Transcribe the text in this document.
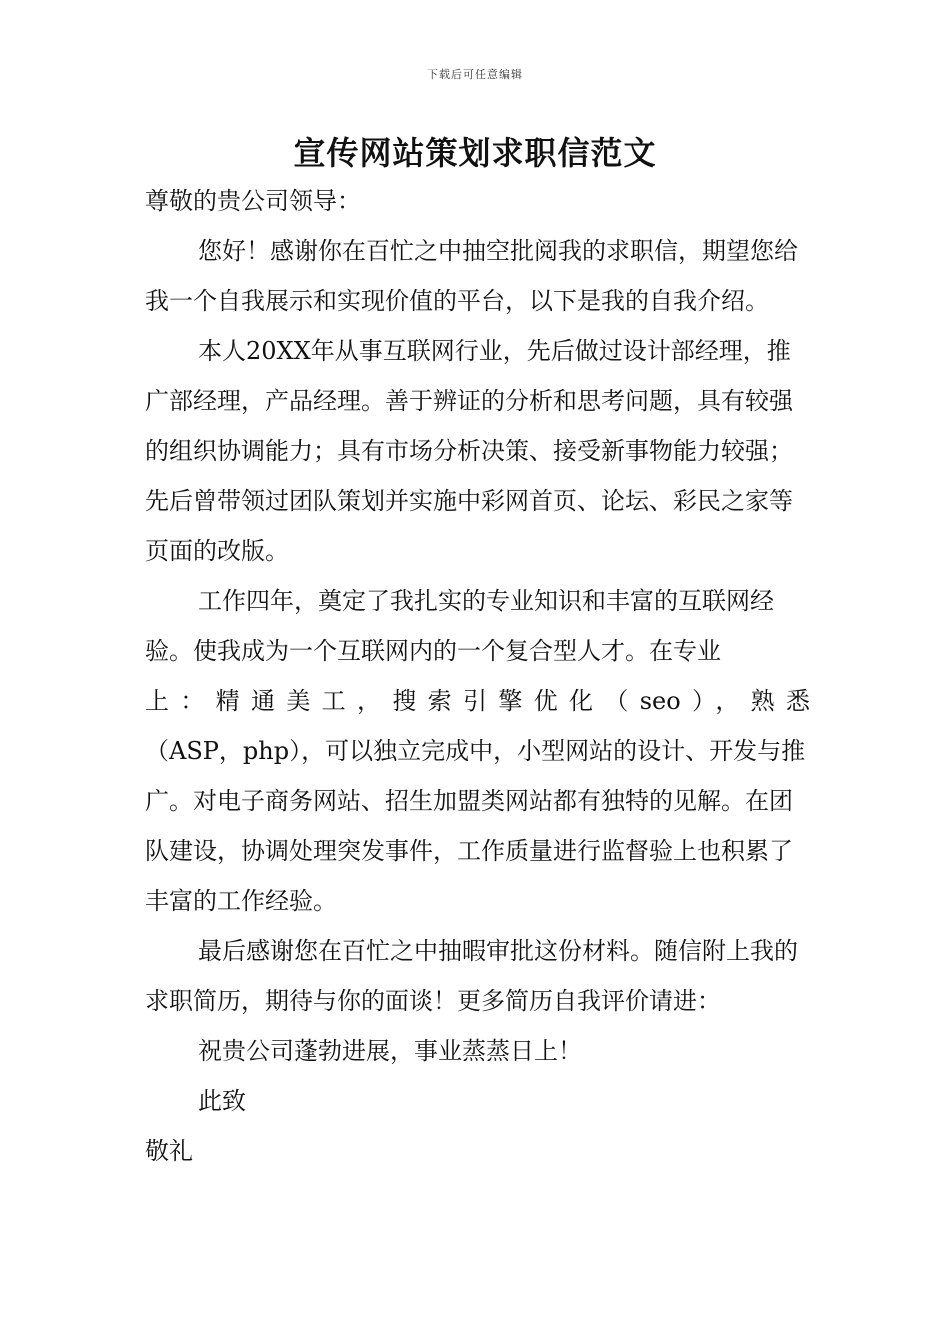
下载后可任意编辑
宣传网站策划求职信范文

尊敬的贵公司领导：

您好！感谢你在百忙之中抽空批阅我的求职信，期望您给我一个自我展示和实现价值的平台，以下是我的自我介绍。

本人20XX年从事互联网行业，先后做过设计部经理，推广部经理，产品经理。善于辨证的分析和思考问题，具有较强的组织协调能力；具有市场分析决策、接受新事物能力较强；先后曾带领过团队策划并实施中彩网首页、论坛、彩民之家等页面的改版。

工作四年，奠定了我扎实的专业知识和丰富的互联网经验。使我成为一个互联网内的一个复合型人才。在专业

上：精通美工，搜索引擎优化（seo），熟悉

（ASP，php），可以独立完成中，小型网站的设计、开发与推广。对电子商务网站、招生加盟类网站都有独特的见解。在团队建设，协调处理突发事件，工作质量进行监督验上也积累了丰富的工作经验。

最后感谢您在百忙之中抽暇审批这份材料。随信附上我的求职简历，期待与你的面谈！更多简历自我评价请进：

祝贵公司蓬勃进展，事业蒸蒸日上！

此致

敬礼
